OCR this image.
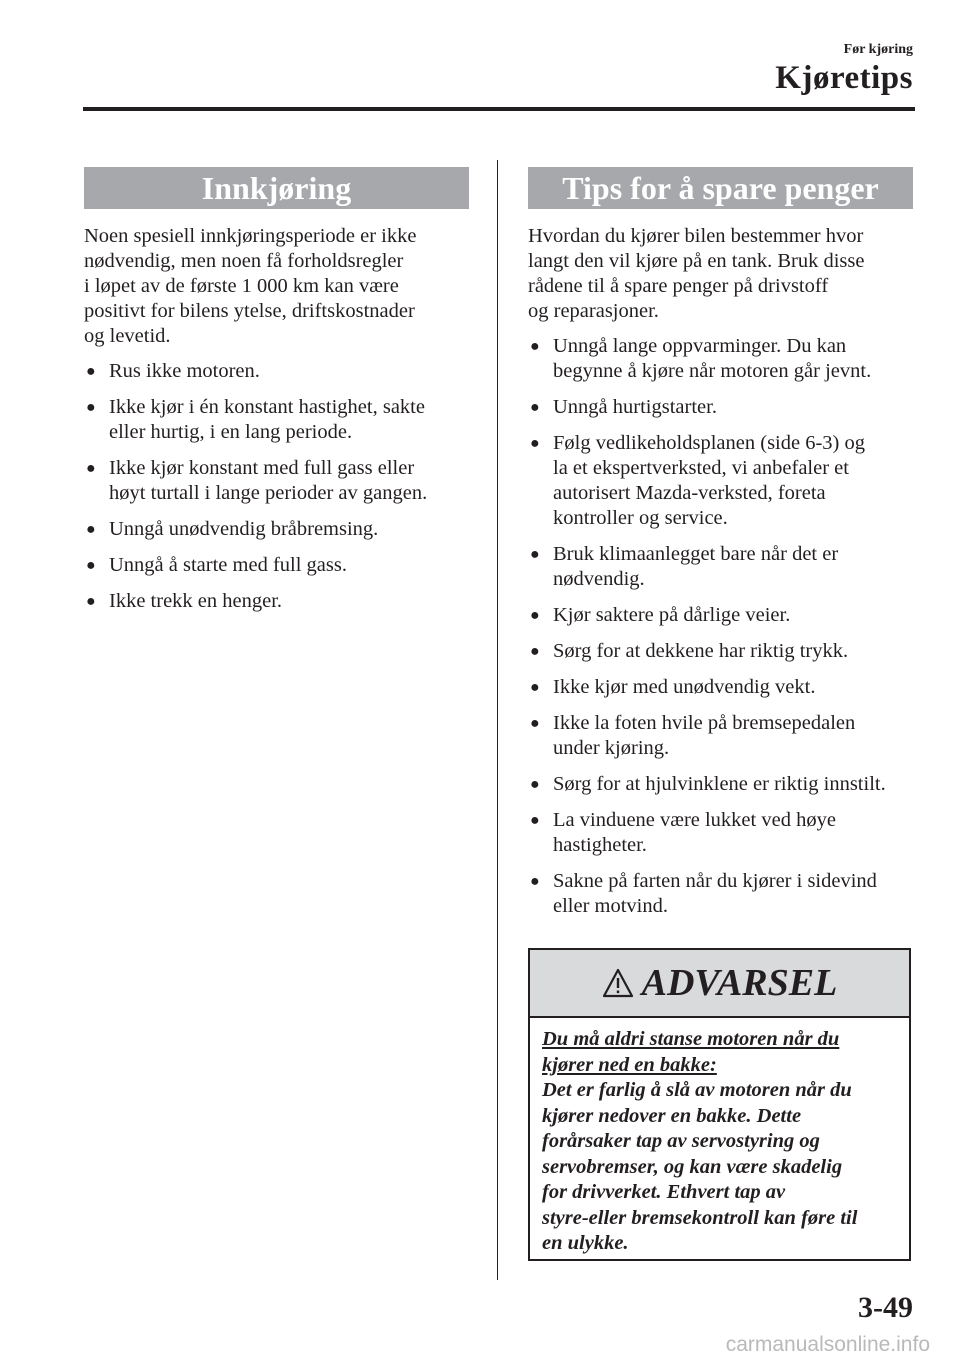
Før kjøring
Kjøretips
Innkjøring

Noen spesiell innkjøringsperiode er ikke
nødvendig, men noen få forholdsregler
i løpet av de første 1 000 km kan være
positivt for bilens ytelse, driftskostnader
og levetid.

● Rus ikke motoren.
● Ikke kjør i én konstant hastighet, sakte
eller hurtig, i en lang periode.
● Ikke kjør konstant med full gass eller
høyt turtall i lange perioder av gangen.
● Unngå unødvendig bråbremsing.
● Unngå å starte med full gass.
● Ikke trekk en henger.
Tips for å spare penger

Hvordan du kjører bilen bestemmer hvor
langt den vil kjøre på en tank. Bruk disse
rådene til å spare penger på drivstoff
og reparasjoner.

● Unngå lange oppvarminger. Du kan
begynne å kjøre når motoren går jevnt.
● Unngå hurtigstarter.
● Følg vedlikeholdsplanen (side 6-3) og
la et ekspertverksted, vi anbefaler et
autorisert Mazda-verksted, foreta
kontroller og service.
● Bruk klimaanlegget bare når det er
nødvendig.
● Kjør saktere på dårlige veier.
● Sørg for at dekkene har riktig trykk.
● Ikke kjør med unødvendig vekt.
● Ikke la foten hvile på bremsepedalen
under kjøring.
● Sørg for at hjulvinklene er riktig innstilt.
● La vinduene være lukket ved høye
hastigheter.
● Sakne på farten når du kjører i sidevind
eller motvind.
ADVARSEL
Du må aldri stanse motoren når du
kjører ned en bakke:
Det er farlig å slå av motoren når du
kjører nedover en bakke. Dette
forårsaker tap av servostyring og
servobremser, og kan være skadelig
for drivverket. Ethvert tap av
styre-eller bremsekontroll kan føre til
en ulykke.
3-49
carmanualsonline.info
